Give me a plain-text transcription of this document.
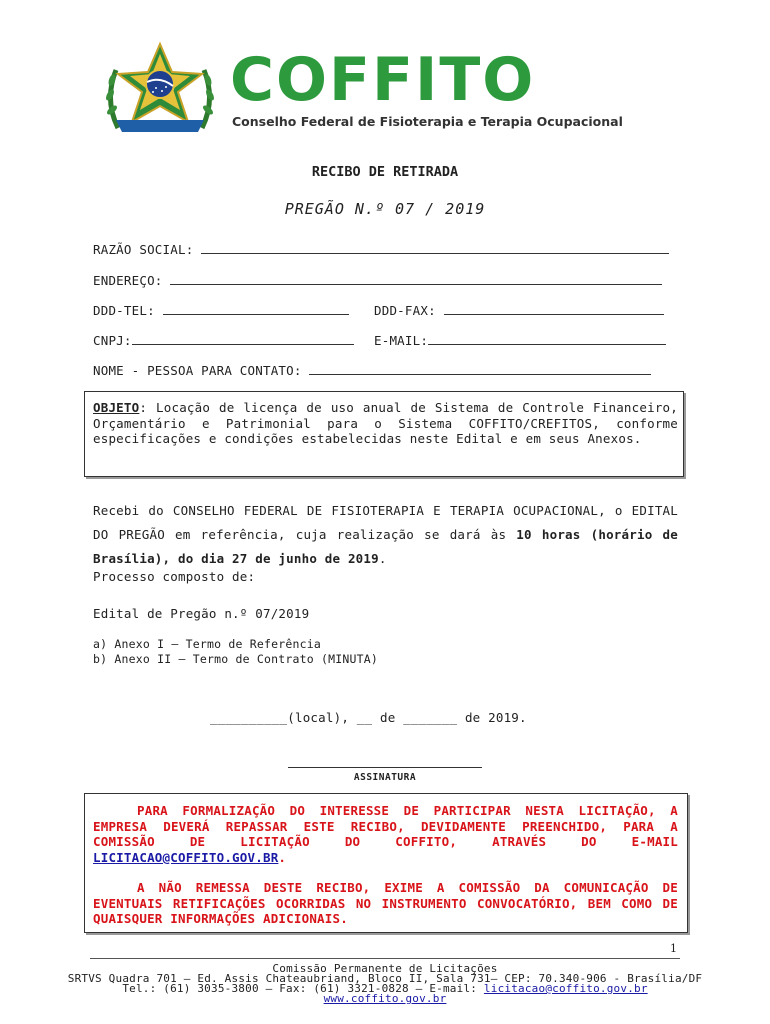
COFFITO
Conselho Federal de Fisioterapia e Terapia Ocupacional
RECIBO DE RETIRADA
PREGÃO N.º 07 / 2019
RAZÃO SOCIAL:
ENDEREÇO:
DDD-TEL:	DDD-FAX:
CNPJ:	E-MAIL:
NOME - PESSOA PARA CONTATO:
OBJETO: Locação de licença de uso anual de Sistema de Controle Financeiro, Orçamentário e Patrimonial para o Sistema COFFITO/CREFITOS, conforme especificações e condições estabelecidas neste Edital e em seus Anexos.
Recebi do CONSELHO FEDERAL DE FISIOTERAPIA E TERAPIA OCUPACIONAL, o EDITAL DO PREGÃO em referência, cuja realização se dará às 10 horas (horário de Brasília), do dia 27 de junho de 2019.
Processo composto de:
Edital de Pregão n.º 07/2019
a) Anexo I – Termo de Referência
b) Anexo II – Termo de Contrato (MINUTA)
__________(local), __ de _______ de 2019.
ASSINATURA
PARA FORMALIZAÇÃO DO INTERESSE DE PARTICIPAR NESTA LICITAÇÃO, A EMPRESA DEVERÁ REPASSAR ESTE RECIBO, DEVIDAMENTE PREENCHIDO, PARA A COMISSÃO DE LICITAÇÃO DO COFFITO, ATRAVÉS DO E-MAIL LICITACAO@COFFITO.GOV.BR.
A NÃO REMESSA DESTE RECIBO, EXIME A COMISSÃO DA COMUNICAÇÃO DE EVENTUAIS RETIFICAÇÕES OCORRIDAS NO INSTRUMENTO CONVOCATÓRIO, BEM COMO DE QUAISQUER INFORMAÇÕES ADICIONAIS.
1
Comissão Permanente de Licitações
SRTVS Quadra 701 – Ed. Assis Chateaubriand, Bloco II, Sala 731– CEP: 70.340-906 - Brasília/DF
Tel.: (61) 3035-3800 – Fax: (61) 3321-0828 – E-mail: licitacao@coffito.gov.br
www.coffito.gov.br
